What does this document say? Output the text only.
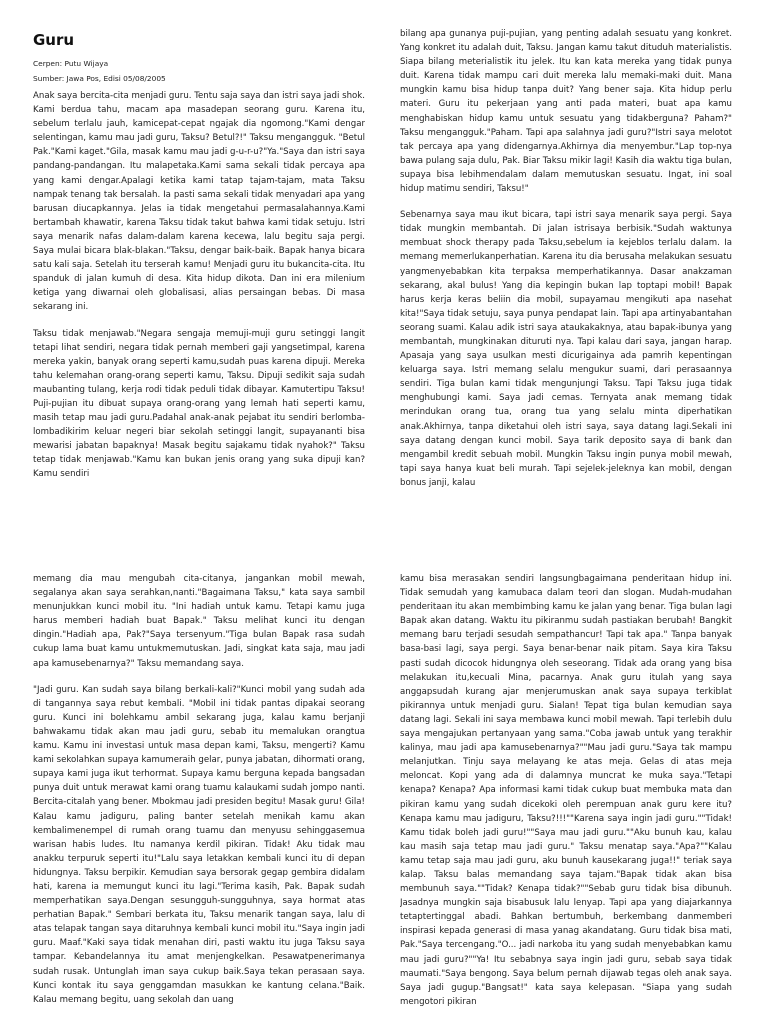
Guru
Cerpen: Putu Wijaya
Sumber: Jawa Pos, Edisi 05/08/2005

Anak saya bercita-cita menjadi guru. Tentu saja saya dan istri saya jadi shok. Kami berdua tahu, macam apa masadepan seorang guru. Karena itu, sebelum terlalu jauh, kamicepat-cepat ngajak dia ngomong."Kami dengar selentingan, kamu mau jadi guru, Taksu? Betul?!" Taksu mengangguk. "Betul Pak."Kami kaget."Gila, masak kamu mau jadi g-u-r-u?"Ya."Saya dan istri saya pandang-pandangan. Itu malapetaka.Kami sama sekali tidak percaya apa yang kami dengar.Apalagi ketika kami tatap tajam-tajam, mata Taksu nampak tenang tak bersalah. Ia pasti sama sekali tidak menyadari apa yang barusan diucapkannya. Jelas ia tidak mengetahui permasalahannya.Kami bertambah khawatir, karena Taksu tidak takut bahwa kami tidak setuju. Istri saya menarik nafas dalam-dalam karena kecewa, lalu begitu saja pergi. Saya mulai bicara blak-blakan."Taksu, dengar baik-baik. Bapak hanya bicara satu kali saja. Setelah itu terserah kamu! Menjadi guru itu bukancita-cita. Itu spanduk di jalan kumuh di desa. Kita hidup dikota. Dan ini era milenium ketiga yang diwarnai oleh globalisasi, alias persaingan bebas. Di masa sekarang ini.

Taksu tidak menjawab."Negara sengaja memuji-muji guru setinggi langit tetapi lihat sendiri, negara tidak pernah memberi gaji yangsetimpal, karena mereka yakin, banyak orang seperti kamu,sudah puas karena dipuji. Mereka tahu kelemahan orang-orang seperti kamu, Taksu. Dipuji sedikit saja sudah maubanting tulang, kerja rodi tidak peduli tidak dibayar. Kamutertipu Taksu! Puji-pujian itu dibuat supaya orang-orang yang lemah hati seperti kamu, masih tetap mau jadi guru.Padahal anak-anak pejabat itu sendiri berlomba-lombadikirim keluar negeri biar sekolah setinggi langit, supayananti bisa mewarisi jabatan bapaknya! Masak begitu sajakamu tidak nyahok?" Taksu tetap tidak menjawab."Kamu kan bukan jenis orang yang suka dipuji kan? Kamu sendiri

bilang apa gunanya puji-pujian, yang penting adalah sesuatu yang konkret. Yang konkret itu adalah duit, Taksu. Jangan kamu takut dituduh materialistis. Siapa bilang meterialistik itu jelek. Itu kan kata mereka yang tidak punya duit. Karena tidak mampu cari duit mereka lalu memaki-maki duit. Mana mungkin kamu bisa hidup tanpa duit? Yang bener saja. Kita hidup perlu materi. Guru itu pekerjaan yang anti pada materi, buat apa kamu menghabiskan hidup kamu untuk sesuatu yang tidakberguna? Paham?" Taksu mengangguk."Paham. Tapi apa salahnya jadi guru?"Istri saya melotot tak percaya apa yang didengarnya.Akhirnya dia menyembur."Lap top-nya bawa pulang saja dulu, Pak. Biar Taksu mikir lagi! Kasih dia waktu tiga bulan, supaya bisa lebihmendalam dalam memutuskan sesuatu. Ingat, ini soal hidup matimu sendiri, Taksu!"

Sebenarnya saya mau ikut bicara, tapi istri saya menarik saya pergi. Saya tidak mungkin membantah. Di jalan istrisaya berbisik."Sudah waktunya membuat shock therapy pada Taksu,sebelum ia kejeblos terlalu dalam. Ia memang memerlukanperhatian. Karena itu dia berusaha melakukan sesuatu yangmenyebabkan kita terpaksa memperhatikannya. Dasar anakzaman sekarang, akal bulus! Yang dia kepingin bukan lap toptapi mobil! Bapak harus kerja keras beliin dia mobil, supayamau mengikuti apa nasehat kita!"Saya tidak setuju, saya punya pendapat lain. Tapi apa artinyabantahan seorang suami. Kalau adik istri saya ataukakaknya, atau bapak-ibunya yang membantah, mungkinakan dituruti nya. Tapi kalau dari saya, jangan harap. Apasaja yang saya usulkan mesti dicurigainya ada pamrih kepentingan keluarga saya. Istri memang selalu mengukur suami, dari perasaannya sendiri. Tiga bulan kami tidak mengunjungi Taksu. Tapi Taksu juga tidak menghubungi kami. Saya jadi cemas. Ternyata anak memang tidak merindukan orang tua, orang tua yang selalu minta diperhatikan anak.Akhirnya, tanpa diketahui oleh istri saya, saya datang lagi.Sekali ini saya datang dengan kunci mobil. Saya tarik deposito saya di bank dan mengambil kredit sebuah mobil. Mungkin Taksu ingin punya mobil mewah, tapi saya hanya kuat beli murah. Tapi sejelek-jeleknya kan mobil, dengan bonus janji, kalau

memang dia mau mengubah cita-citanya, jangankan mobil mewah, segalanya akan saya serahkan,nanti."Bagaimana Taksu," kata saya sambil menunjukkan kunci mobil itu. "Ini hadiah untuk kamu. Tetapi kamu juga harus memberi hadiah buat Bapak." Taksu melihat kunci itu dengan dingin."Hadiah apa, Pak?"Saya tersenyum."Tiga bulan Bapak rasa sudah cukup lama buat kamu untukmemutuskan. Jadi, singkat kata saja, mau jadi apa kamusebenarnya?" Taksu memandang saya.

"Jadi guru. Kan sudah saya bilang berkali-kali?"Kunci mobil yang sudah ada di tangannya saya rebut kembali. "Mobil ini tidak pantas dipakai seorang guru. Kunci ini bolehkamu ambil sekarang juga, kalau kamu berjanji bahwakamu tidak akan mau jadi guru, sebab itu memalukan orangtua kamu. Kamu ini investasi untuk masa depan kami, Taksu, mengerti? Kamu kami sekolahkan supaya kamumeraih gelar, punya jabatan, dihormati orang, supaya kami juga ikut terhormat. Supaya kamu berguna kepada bangsadan punya duit untuk merawat kami orang tuamu kalaukami sudah jompo nanti. Bercita-citalah yang bener. Mbokmau jadi presiden begitu! Masak guru! Gila! Kalau kamu jadiguru, paling banter setelah menikah kamu akan kembalimenempel di rumah orang tuamu dan menyusu sehinggasemua warisan habis ludes. Itu namanya kerdil pikiran. Tidak! Aku tidak mau anakku terpuruk seperti itu!"Lalu saya letakkan kembali kunci itu di depan hidungnya. Taksu berpikir. Kemudian saya bersorak gegap gembira didalam hati, karena ia memungut kunci itu lagi."Terima kasih, Pak. Bapak sudah memperhatikan saya.Dengan sesungguh-sungguhnya, saya hormat atas perhatian Bapak." Sembari berkata itu, Taksu menarik tangan saya, lalu di atas telapak tangan saya ditaruhnya kembali kunci mobil itu."Saya ingin jadi guru. Maaf."Kaki saya tidak menahan diri, pasti waktu itu juga Taksu saya tampar. Kebandelannya itu amat menjengkelkan. Pesawatpenerimanya sudah rusak. Untunglah iman saya cukup baik.Saya tekan perasaan saya. Kunci kontak itu saya genggamdan masukkan ke kantung celana."Baik. Kalau memang begitu, uang sekolah dan uang

kamu bisa merasakan sendiri langsungbagaimana penderitaan hidup ini. Tidak semudah yang kamubaca dalam teori dan slogan. Mudah-mudahan penderitaan itu akan membimbing kamu ke jalan yang benar. Tiga bulan lagi Bapak akan datang. Waktu itu pikiranmu sudah pastiakan berubah! Bangkit memang baru terjadi sesudah sempathancur! Tapi tak apa." Tanpa banyak basa-basi lagi, saya pergi. Saya benar-benar naik pitam. Saya kira Taksu pasti sudah dicocok hidungnya oleh seseorang. Tidak ada orang yang bisa melakukan itu,kecuali Mina, pacarnya. Anak guru itulah yang saya anggapsudah kurang ajar menjerumuskan anak saya supaya terkiblat pikirannya untuk menjadi guru. Sialan! Tepat tiga bulan kemudian saya datang lagi. Sekali ini saya membawa kunci mobil mewah. Tapi terlebih dulu saya mengajukan pertanyaan yang sama."Coba jawab untuk yang terakhir kalinya, mau jadi apa kamusebenarnya?""Mau jadi guru."Saya tak mampu melanjutkan. Tinju saya melayang ke atas meja. Gelas di atas meja meloncat. Kopi yang ada di dalamnya muncrat ke muka saya."Tetapi kenapa? Kenapa? Apa informasi kami tidak cukup buat membuka mata dan pikiran kamu yang sudah dicekoki oleh perempuan anak guru kere itu? Kenapa kamu mau jadiguru, Taksu?!!!""Karena saya ingin jadi guru.""Tidak! Kamu tidak boleh jadi guru!""Saya mau jadi guru.""Aku bunuh kau, kalau kau masih saja tetap mau jadi guru." Taksu menatap saya."Apa?""Kalau kamu tetap saja mau jadi guru, aku bunuh kausekarang juga!!" teriak saya kalap. Taksu balas memandang saya tajam."Bapak tidak akan bisa membunuh saya.""Tidak? Kenapa tidak?""Sebab guru tidak bisa dibunuh. Jasadnya mungkin saja bisabusuk lalu lenyap. Tapi apa yang diajarkannya tetaptertinggal abadi. Bahkan bertumbuh, berkembang danmemberi inspirasi kepada generasi di masa yanag akandatang. Guru tidak bisa mati, Pak."Saya tercengang."O... jadi narkoba itu yang sudah menyebabkan kamu mau jadi guru?""Ya! Itu sebabnya saya ingin jadi guru, sebab saya tidak maumati."Saya bengong. Saya belum pernah dijawab tegas oleh anak saya. Saya jadi gugup."Bangsat!" kata saya kelepasan. "Siapa yang sudah mengotori pikiran
